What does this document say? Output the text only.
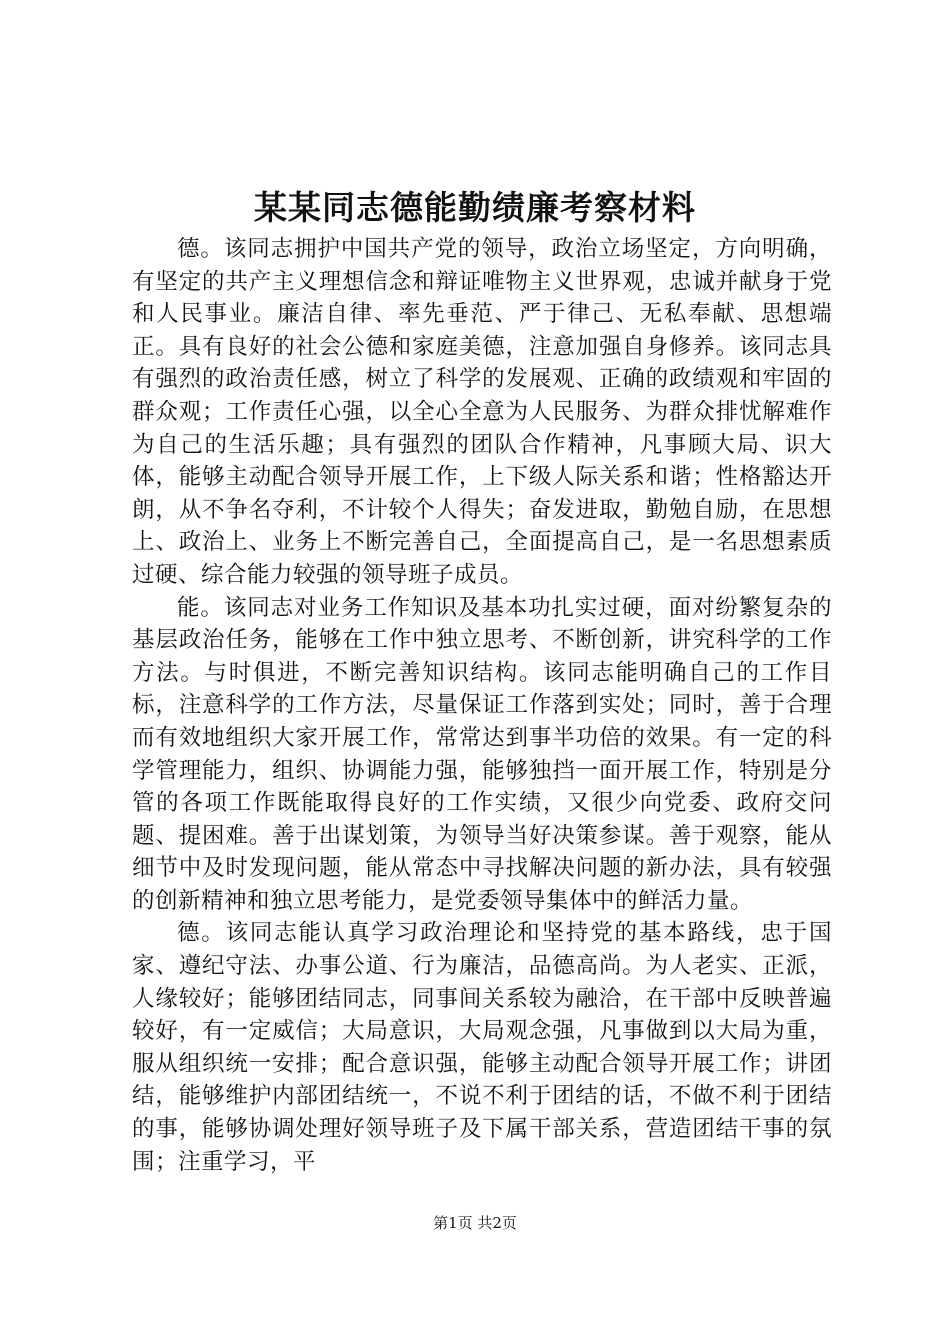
某某同志德能勤绩廉考察材料

德。该同志拥护中国共产党的领导，政治立场坚定，方向明确，有坚定的共产主义理想信念和辩证唯物主义世界观，忠诚并献身于党和人民事业。廉洁自律、率先垂范、严于律己、无私奉献、思想端正。具有良好的社会公德和家庭美德，注意加强自身修养。该同志具有强烈的政治责任感，树立了科学的发展观、正确的政绩观和牢固的群众观；工作责任心强，以全心全意为人民服务、为群众排忧解难作为自己的生活乐趣；具有强烈的团队合作精神，凡事顾大局、识大体，能够主动配合领导开展工作，上下级人际关系和谐；性格豁达开朗，从不争名夺利，不计较个人得失；奋发进取，勤勉自励，在思想上、政治上、业务上不断完善自己，全面提高自己，是一名思想素质过硬、综合能力较强的领导班子成员。

能。该同志对业务工作知识及基本功扎实过硬，面对纷繁复杂的基层政治任务，能够在工作中独立思考、不断创新，讲究科学的工作方法。与时俱进，不断完善知识结构。该同志能明确自己的工作目标，注意科学的工作方法，尽量保证工作落到实处；同时，善于合理而有效地组织大家开展工作，常常达到事半功倍的效果。有一定的科学管理能力，组织、协调能力强，能够独挡一面开展工作，特别是分管的各项工作既能取得良好的工作实绩，又很少向党委、政府交问题、提困难。善于出谋划策，为领导当好决策参谋。善于观察，能从细节中及时发现问题，能从常态中寻找解决问题的新办法，具有较强的创新精神和独立思考能力，是党委领导集体中的鲜活力量。

德。该同志能认真学习政治理论和坚持党的基本路线，忠于国家、遵纪守法、办事公道、行为廉洁，品德高尚。为人老实、正派，人缘较好；能够团结同志，同事间关系较为融洽，在干部中反映普遍较好，有一定威信；大局意识，大局观念强，凡事做到以大局为重，服从组织统一安排；配合意识强，能够主动配合领导开展工作；讲团结，能够维护内部团结统一，不说不利于团结的话，不做不利于团结的事，能够协调处理好领导班子及下属干部关系，营造团结干事的氛围；注重学习，平

第1页 共2页
